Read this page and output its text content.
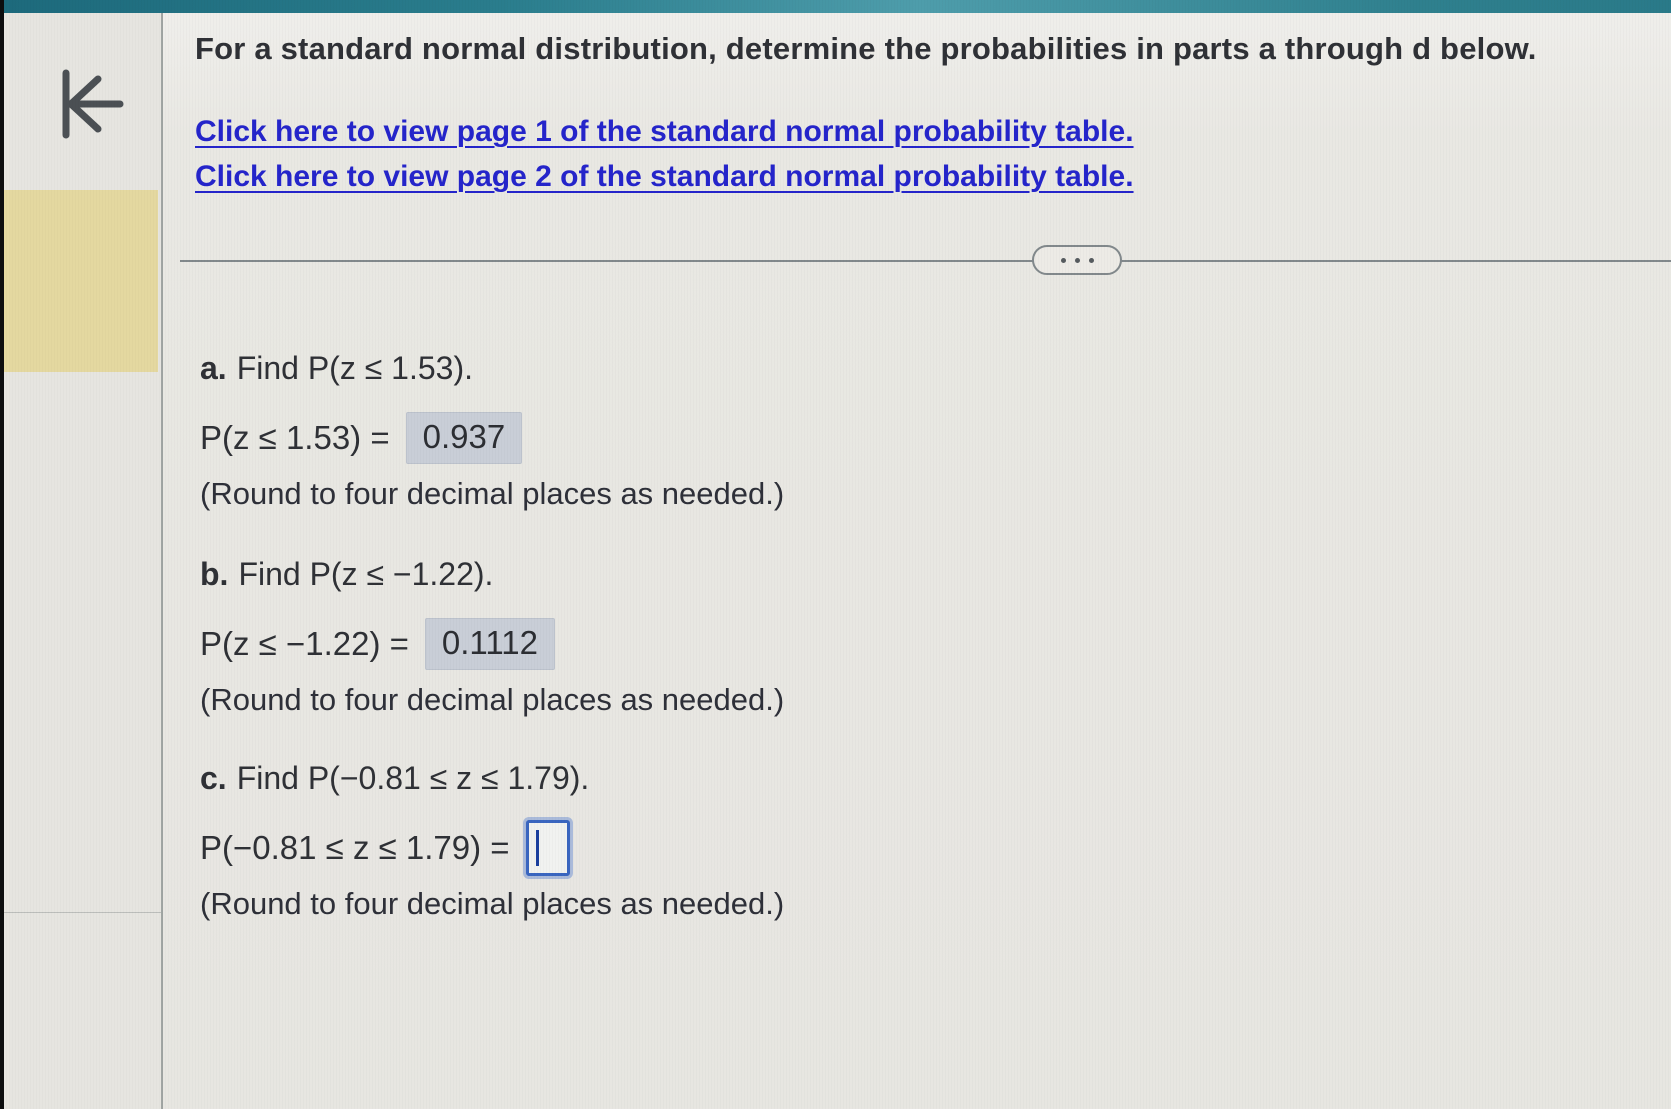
For a standard normal distribution, determine the probabilities in parts a through d below.
Click here to view page 1 of the standard normal probability table.
Click here to view page 2 of the standard normal probability table.
a. Find P(z ≤ 1.53).
P(z ≤ 1.53) =	0.937
(Round to four decimal places as needed.)
b. Find P(z ≤ −1.22).
P(z ≤ −1.22) =	0.1112
(Round to four decimal places as needed.)
c. Find P(−0.81 ≤ z ≤ 1.79).
P(−0.81 ≤ z ≤ 1.79) =
(Round to four decimal places as needed.)
